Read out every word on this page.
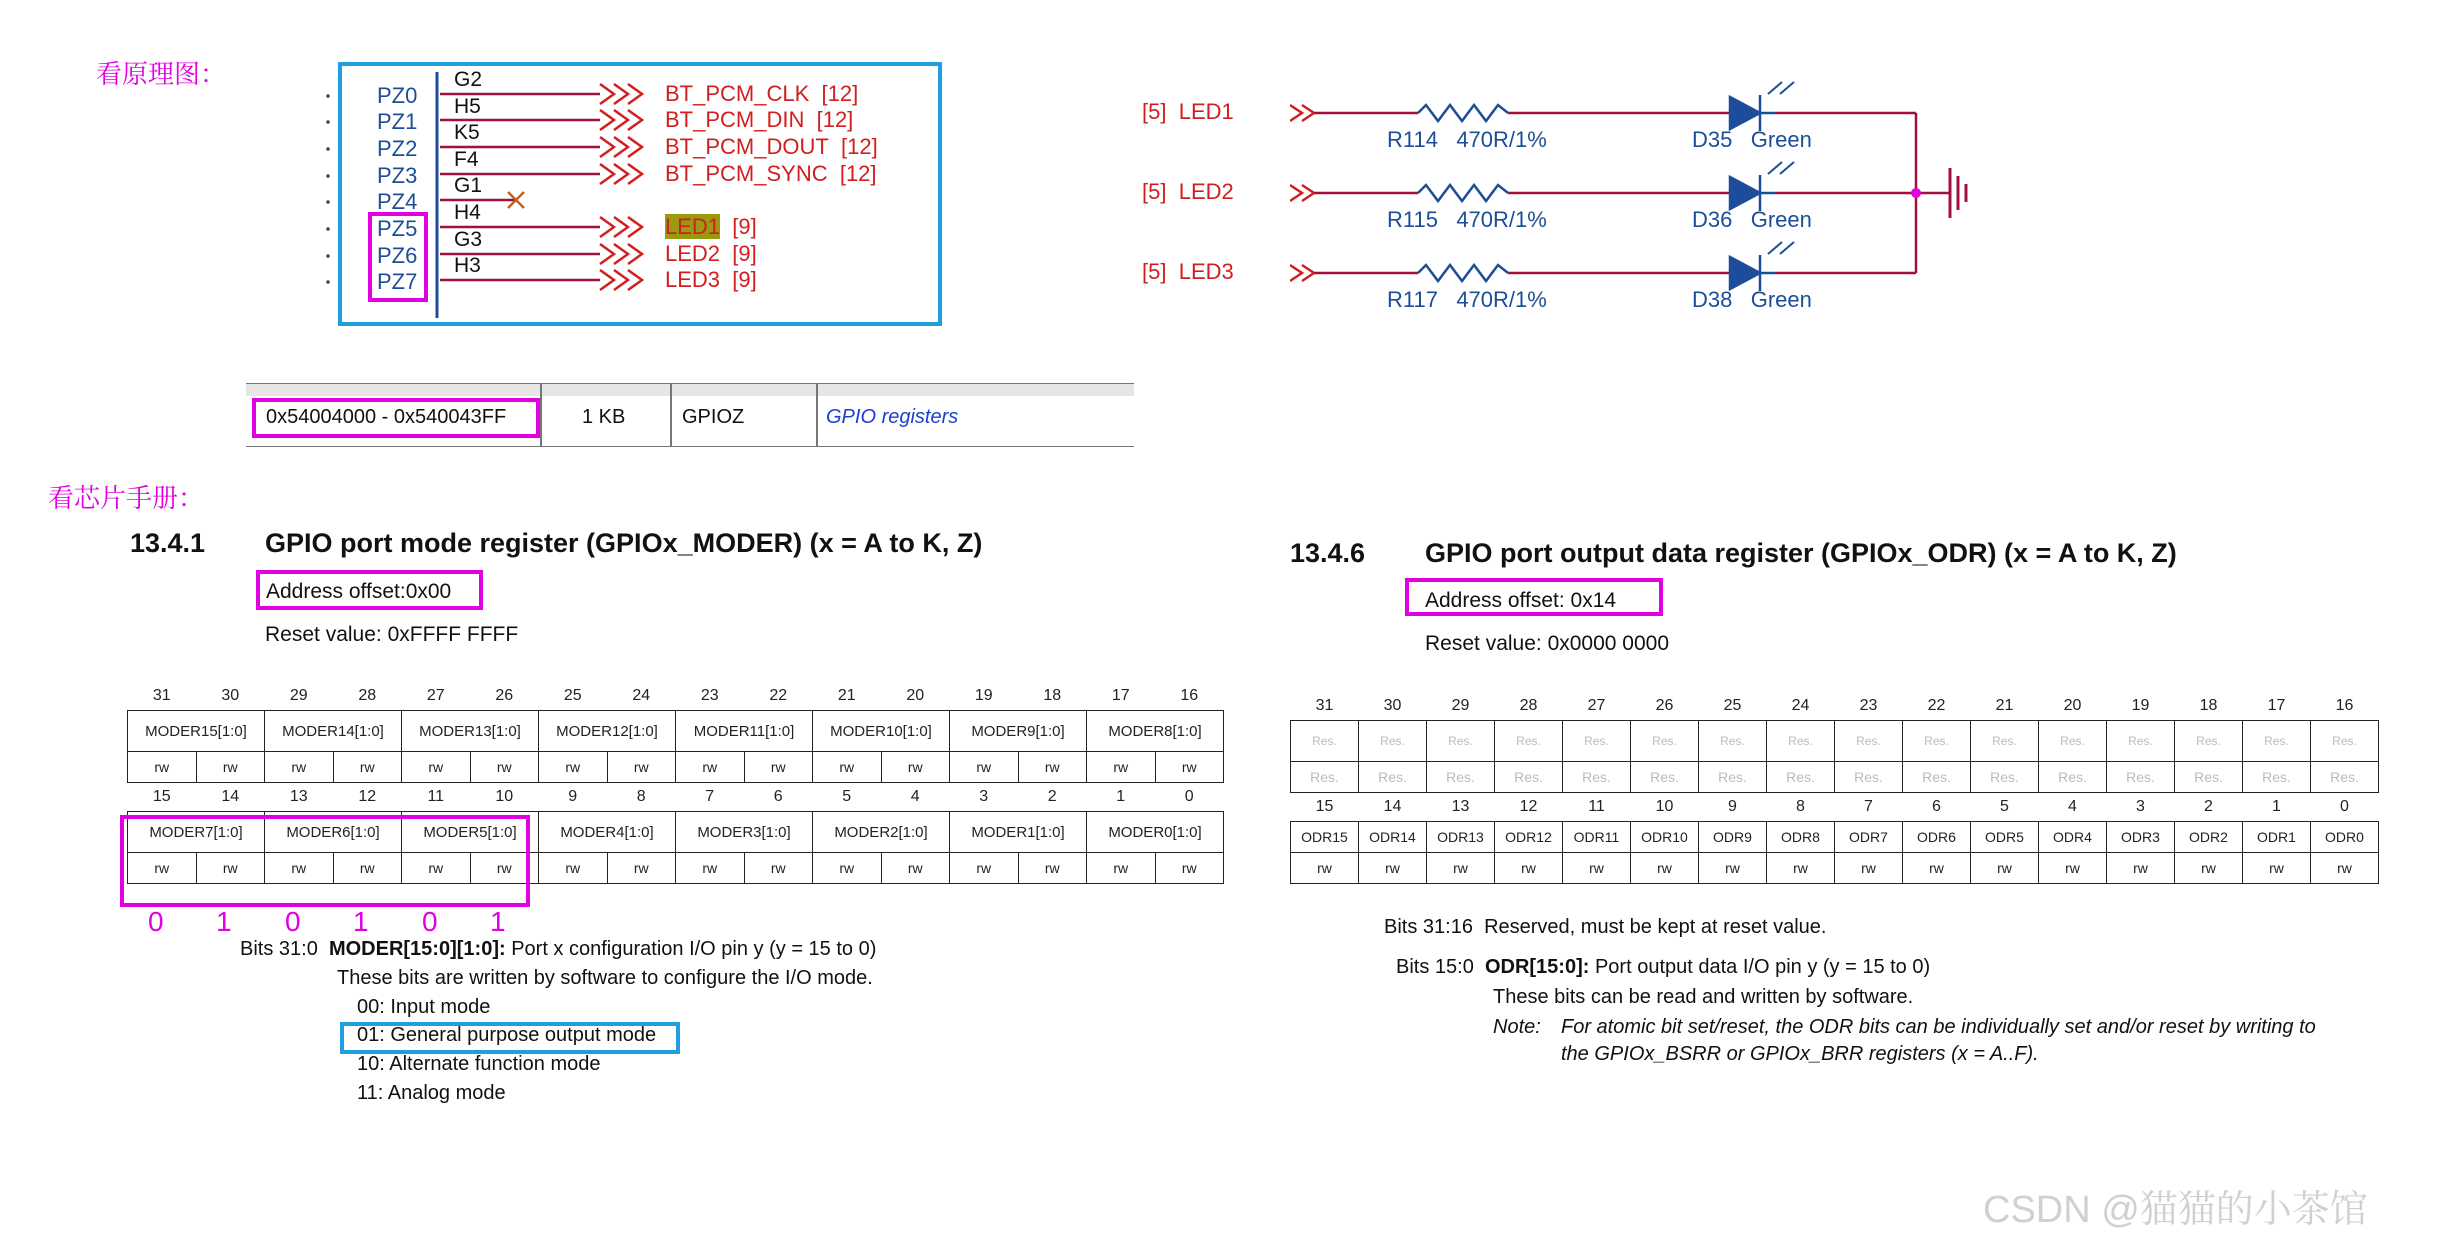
看原理图：
看芯片手册：
PZ0
PZ1
PZ2
PZ3
PZ4
PZ5
PZ6
PZ7
G2
H5
K5
F4
G1
H4
G3
H3
BT_PCM_CLK [12]
BT_PCM_DIN [12]
BT_PCM_DOUT [12]
BT_PCM_SYNC [12]
LED1 [9]
LED2 [9]
LED3 [9]
[5] LED1
[5] LED2
[5] LED3
R114 470R/1%
R115 470R/1%
R117 470R/1%
D35 Green
D36 Green
D38 Green
0x54004000 - 0x540043FF	1 KB	GPIOZ	GPIO registers
13.4.1 GPIO port mode register (GPIOx_MODER) (x = A to K, Z)
Address offset:0x00
Reset value: 0xFFFF FFFF
31	30	29	28	27	26	25	24	23	22	21	20	19	18	17	16
MODER15[1:0]		MODER14[1:0]		MODER13[1:0]		MODER12[1:0]		MODER11[1:0]		MODER10[1:0]		MODER9[1:0]		MODER8[1:0]	
rw	rw	rw	rw	rw	rw	rw	rw	rw	rw	rw	rw	rw	rw	rw	rw
15	14	13	12	11	10	9	8	7	6	5	4	3	2	1	0
MODER7[1:0]		MODER6[1:0]		MODER5[1:0]		MODER4[1:0]		MODER3[1:0]		MODER2[1:0]		MODER1[1:0]		MODER0[1:0]	
rw	rw	rw	rw	rw	rw	rw	rw	rw	rw	rw	rw	rw	rw	rw	rw
0 1 0 1 0 1
Bits 31:0 MODER[15:0][1:0]: Port x configuration I/O pin y (y = 15 to 0)
These bits are written by software to configure the I/O mode.
00: Input mode
01: General purpose output mode
10: Alternate function mode
11: Analog mode
13.4.6 GPIO port output data register (GPIOx_ODR) (x = A to K, Z)
Address offset: 0x14
Reset value: 0x0000 0000
31	30	29	28	27	26	25	24	23	22	21	20	19	18	17	16
Res.	Res.	Res.	Res.	Res.	Res.	Res.	Res.	Res.	Res.	Res.	Res.	Res.	Res.	Res.	Res.
Res.	Res.	Res.	Res.	Res.	Res.	Res.	Res.	Res.	Res.	Res.	Res.	Res.	Res.	Res.	Res.
15	14	13	12	11	10	9	8	7	6	5	4	3	2	1	0
ODR15	ODR14	ODR13	ODR12	ODR11	ODR10	ODR9	ODR8	ODR7	ODR6	ODR5	ODR4	ODR3	ODR2	ODR1	ODR0
rw	rw	rw	rw	rw	rw	rw	rw	rw	rw	rw	rw	rw	rw	rw	rw
Bits 31:16 Reserved, must be kept at reset value.
Bits 15:0 ODR[15:0]: Port output data I/O pin y (y = 15 to 0)
These bits can be read and written by software.
Note: For atomic bit set/reset, the ODR bits can be individually set and/or reset by writing to
the GPIOx_BSRR or GPIOx_BRR registers (x = A..F).
CSDN @猫猫的小茶馆
